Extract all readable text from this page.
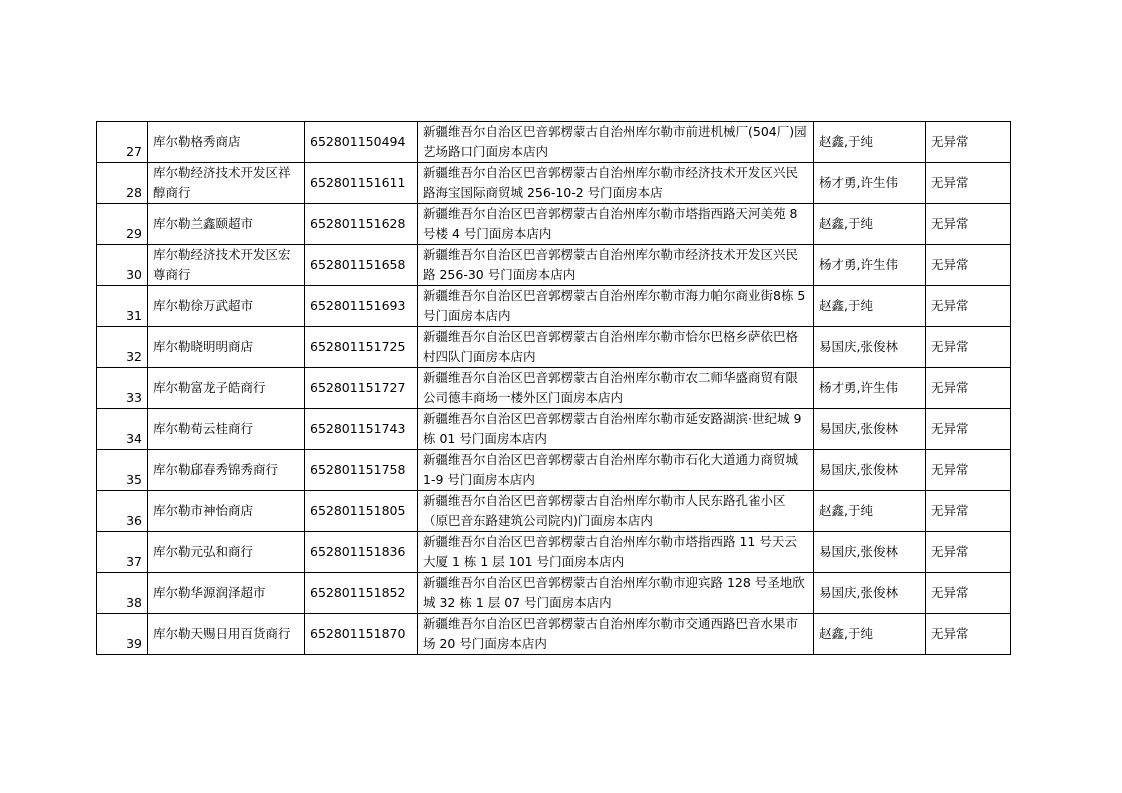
27	库尔勒格秀商店	652801150494	新疆维吾尔自治区巴音郭楞蒙古自治州库尔勒市前进机械厂(504厂)园艺场路口门面房本店内	赵鑫,于纯	无异常
28	库尔勒经济技术开发区祥醇商行	652801151611	新疆维吾尔自治区巴音郭楞蒙古自治州库尔勒市经济技术开发区兴民路海宝国际商贸城 256-10-2 号门面房本店	杨才勇,许生伟	无异常
29	库尔勒兰鑫颐超市	652801151628	新疆维吾尔自治区巴音郭楞蒙古自治州库尔勒市塔指西路天河美苑 8 号楼 4 号门面房本店内	赵鑫,于纯	无异常
30	库尔勒经济技术开发区宏尊商行	652801151658	新疆维吾尔自治区巴音郭楞蒙古自治州库尔勒市经济技术开发区兴民路 256-30 号门面房本店内	杨才勇,许生伟	无异常
31	库尔勒徐万武超市	652801151693	新疆维吾尔自治区巴音郭楞蒙古自治州库尔勒市海力帕尔商业街8栋 5 号门面房本店内	赵鑫,于纯	无异常
32	库尔勒晓明明商店	652801151725	新疆维吾尔自治区巴音郭楞蒙古自治州库尔勒市恰尔巴格乡萨依巴格村四队门面房本店内	易国庆,张俊林	无异常
33	库尔勒富龙子皓商行	652801151727	新疆维吾尔自治区巴音郭楞蒙古自治州库尔勒市农二师华盛商贸有限公司德丰商场一楼外区门面房本店内	杨才勇,许生伟	无异常
34	库尔勒荀云桂商行	652801151743	新疆维吾尔自治区巴音郭楞蒙古自治州库尔勒市延安路湖滨·世纪城 9 栋 01 号门面房本店内	易国庆,张俊林	无异常
35	库尔勒郈春秀锦秀商行	652801151758	新疆维吾尔自治区巴音郭楞蒙古自治州库尔勒市石化大道通力商贸城 1-9 号门面房本店内	易国庆,张俊林	无异常
36	库尔勒市神怡商店	652801151805	新疆维吾尔自治区巴音郭楞蒙古自治州库尔勒市人民东路孔雀小区（原巴音东路建筑公司院内)门面房本店内	赵鑫,于纯	无异常
37	库尔勒元弘和商行	652801151836	新疆维吾尔自治区巴音郭楞蒙古自治州库尔勒市塔指西路 11 号天云大厦 1 栋 1 层 101 号门面房本店内	易国庆,张俊林	无异常
38	库尔勒华源润泽超市	652801151852	新疆维吾尔自治区巴音郭楞蒙古自治州库尔勒市迎宾路 128 号圣地欣城 32 栋 1 层 07 号门面房本店内	易国庆,张俊林	无异常
39	库尔勒天赐日用百货商行	652801151870	新疆维吾尔自治区巴音郭楞蒙古自治州库尔勒市交通西路巴音水果市场 20 号门面房本店内	赵鑫,于纯	无异常
